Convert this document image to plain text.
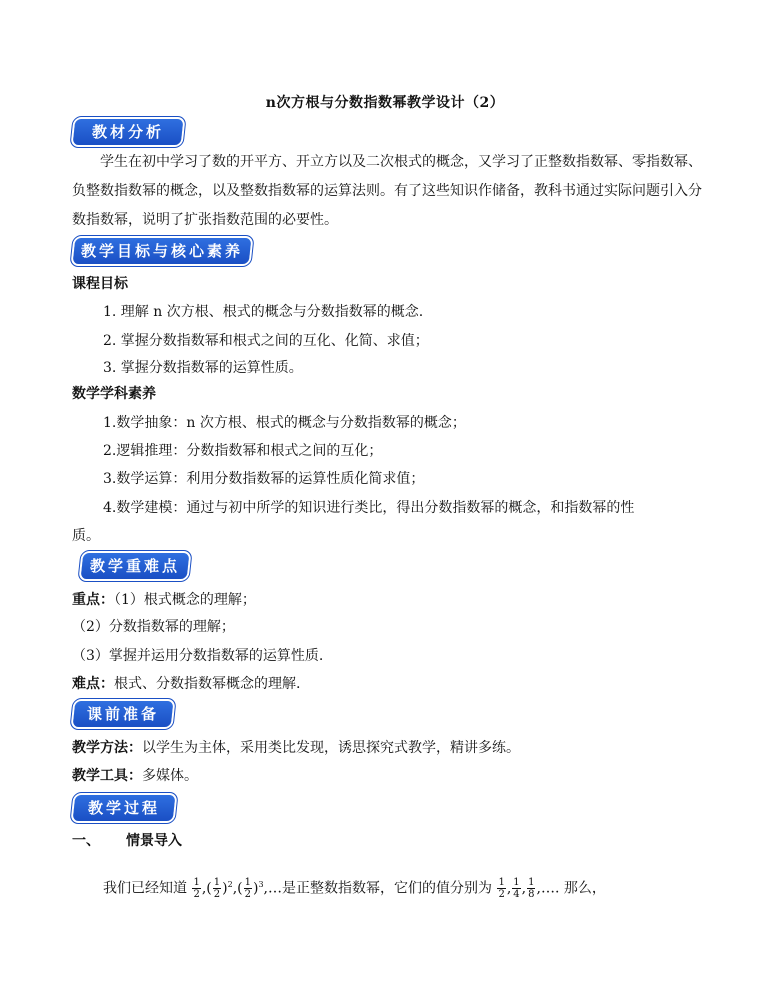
n次方根与分数指数幂教学设计（2）
教材分析
学生在初中学习了数的开平方、开立方以及二次根式的概念，又学习了正整数指数幂、零指数幂、负整数指数幂的概念，以及整数指数幂的运算法则。有了这些知识作储备，教科书通过实际问题引入分数指数幂，说明了扩张指数范围的必要性。
教学目标与核心素养
课程目标
1. 理解 n 次方根、根式的概念与分数指数幂的概念.
2. 掌握分数指数幂和根式之间的互化、化简、求值；
3. 掌握分数指数幂的运算性质。
数学学科素养
1.数学抽象：n 次方根、根式的概念与分数指数幂的概念；
2.逻辑推理：分数指数幂和根式之间的互化；
3.数学运算：利用分数指数幂的运算性质化简求值；
4.数学建模：通过与初中所学的知识进行类比，得出分数指数幂的概念，和指数幂的性
质。
教学重难点
重点：（1）根式概念的理解；
（2）分数指数幂的理解；
（3）掌握并运用分数指数幂的运算性质.
难点：根式、分数指数幂概念的理解.
课前准备
教学方法：以学生为主体，采用类比发现，诱思探究式教学，精讲多练。
教学工具：多媒体。
教学过程
一、 情景导入
我们已经知道 $\frac{1}{2}$ ,( $\frac{1}{2} )^2,( \frac{1}{2}$ )$^3,\dots$是正整数指数幂，它们的值分别为 $\frac{1}{2}$ , $\frac{1}{4}$ , $\frac{1}{8}$ ,…. 那么，
